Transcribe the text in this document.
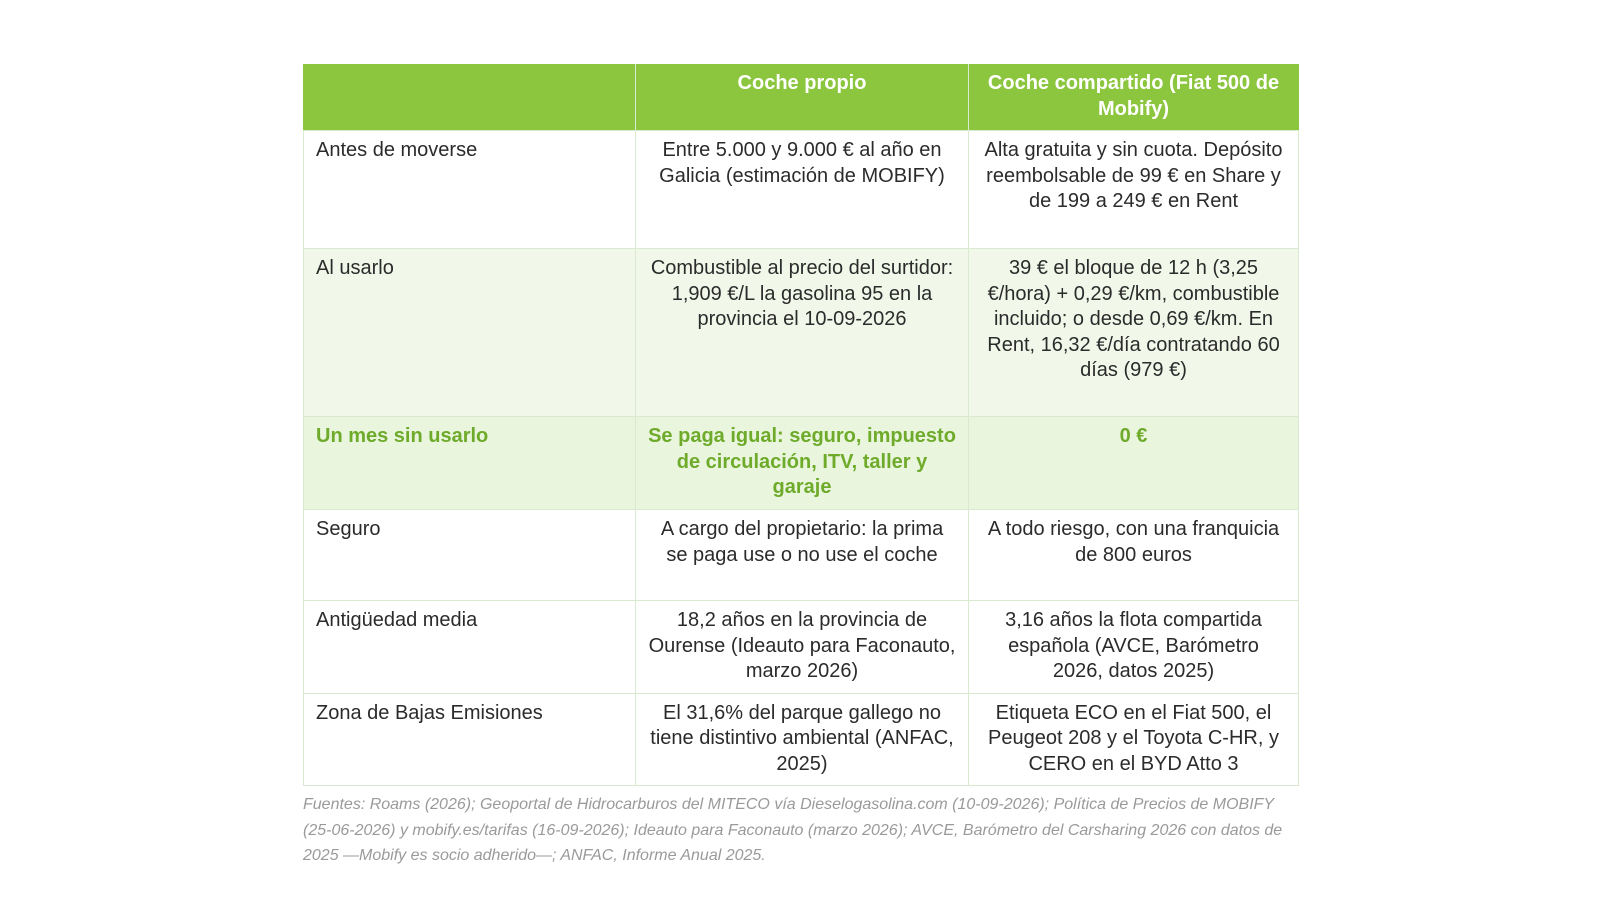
	Coche propio	Coche compartido (Fiat 500 de Mobify)
Antes de moverse	Entre 5.000 y 9.000 € al año en Galicia (estimación de MOBIFY)	Alta gratuita y sin cuota. Depósito reembolsable de 99 € en Share y de 199 a 249 € en Rent
Al usarlo	Combustible al precio del surtidor: 1,909 €/L la gasolina 95 en la provincia el 10-09-2026	39 € el bloque de 12 h (3,25 €/hora) + 0,29 €/km, combustible incluido; o desde 0,69 €/km. En Rent, 16,32 €/día contratando 60 días (979 €)
Un mes sin usarlo	Se paga igual: seguro, impuesto de circulación, ITV, taller y garaje	0 €
Seguro	A cargo del propietario: la prima se paga use o no use el coche	A todo riesgo, con una franquicia de 800 euros
Antigüedad media	18,2 años en la provincia de Ourense (Ideauto para Faconauto, marzo 2026)	3,16 años la flota compartida española (AVCE, Barómetro 2026, datos 2025)
Zona de Bajas Emisiones	El 31,6% del parque gallego no tiene distintivo ambiental (ANFAC, 2025)	Etiqueta ECO en el Fiat 500, el Peugeot 208 y el Toyota C-HR, y CERO en el BYD Atto 3
Fuentes: Roams (2026); Geoportal de Hidrocarburos del MITECO vía Dieselogasolina.com (10-09-2026); Política de Precios de MOBIFY (25-06-2026) y mobify.es/tarifas (16-09-2026); Ideauto para Faconauto (marzo 2026); AVCE, Barómetro del Carsharing 2026 con datos de 2025 —Mobify es socio adherido—; ANFAC, Informe Anual 2025.
